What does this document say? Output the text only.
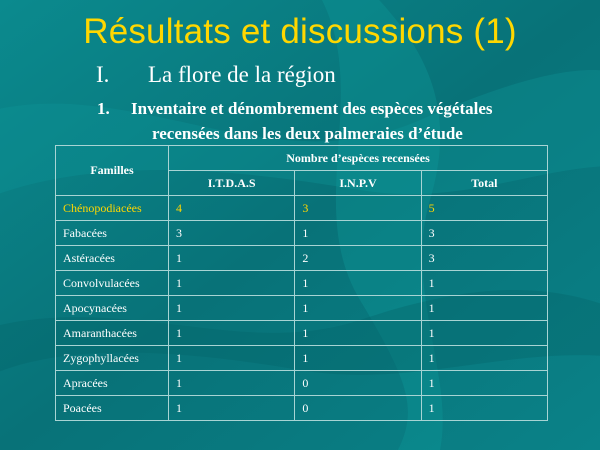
Résultats et discussions (1)
I. La flore de la région
1. Inventaire et dénombrement des espèces végétales
recensées dans les deux palmeraies d’étude
Familles	Nombre d’espèces recensées		
	I.T.D.A.S	I.N.P.V	Total
Chénopodiacées	4	3	5
Fabacées	3	1	3
Astéracées	1	2	3
Convolvulacées	1	1	1
Apocynacées	1	1	1
Amaranthacées	1	1	1
Zygophyllacées	1	1	1
Apracées	1	0	1
Poacées	1	0	1
